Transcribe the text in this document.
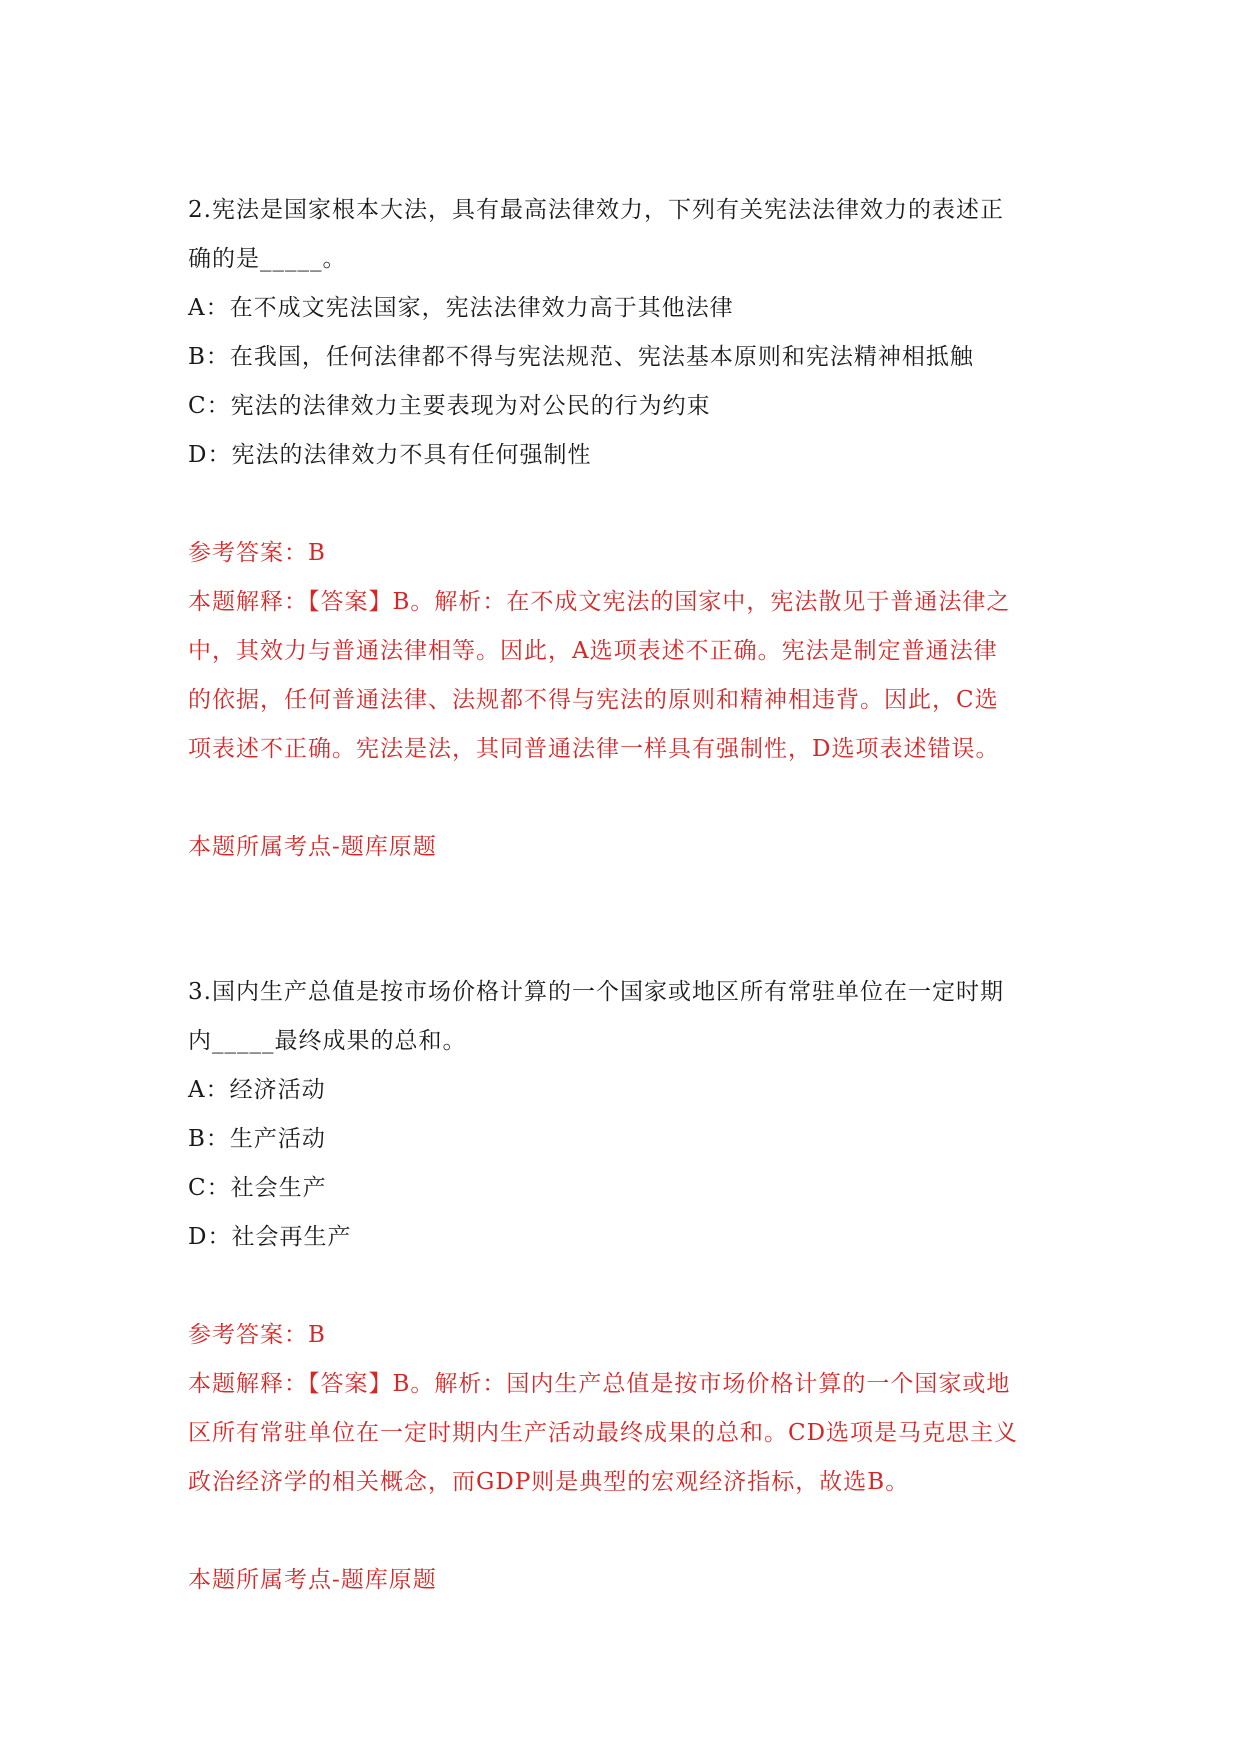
2.宪法是国家根本大法，具有最高法律效力，下列有关宪法法律效力的表述正

确的是_____。

A：在不成文宪法国家，宪法法律效力高于其他法律
B：在我国，任何法律都不得与宪法规范、宪法基本原则和宪法精神相抵触
C：宪法的法律效力主要表现为对公民的行为约束
D：宪法的法律效力不具有任何强制性
参考答案：B
本题解释：【答案】B。解析：在不成文宪法的国家中，宪法散见于普通法律之
中，其效力与普通法律相等。因此，A选项表述不正确。宪法是制定普通法律
的依据，任何普通法律、法规都不得与宪法的原则和精神相违背。因此，C选
项表述不正确。宪法是法，其同普通法律一样具有强制性，D选项表述错误。
本题所属考点-题库原题

3.国内生产总值是按市场价格计算的一个国家或地区所有常驻单位在一定时期

内_____最终成果的总和。

A：经济活动
B：生产活动
C：社会生产
D：社会再生产
参考答案：B
本题解释：【答案】B。解析：国内生产总值是按市场价格计算的一个国家或地
区所有常驻单位在一定时期内生产活动最终成果的总和。CD选项是马克思主义
政治经济学的相关概念，而GDP则是典型的宏观经济指标，故选B。
本题所属考点-题库原题
